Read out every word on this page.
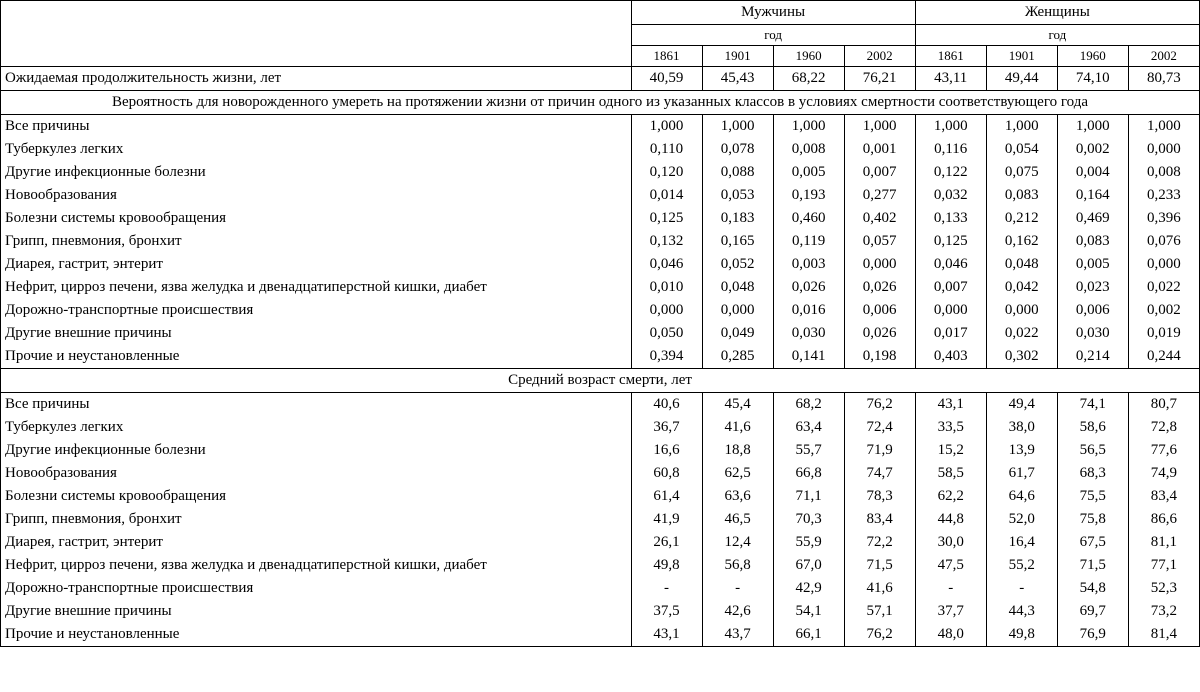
	Мужчины				Женщины			
	год				год			
	1861	1901	1960	2002	1861	1901	1960	2002
Ожидаемая продолжительность жизни, лет	40,59	45,43	68,22	76,21	43,11	49,44	74,10	80,73
Вероятность для новорожденного умереть на протяжении жизни от причин одного из указанных классов в условиях смертности соответствующего года								
Все причины	1,000	1,000	1,000	1,000	1,000	1,000	1,000	1,000
Туберкулез легких	0,110	0,078	0,008	0,001	0,116	0,054	0,002	0,000
Другие инфекционные болезни	0,120	0,088	0,005	0,007	0,122	0,075	0,004	0,008
Новообразования	0,014	0,053	0,193	0,277	0,032	0,083	0,164	0,233
Болезни системы кровообращения	0,125	0,183	0,460	0,402	0,133	0,212	0,469	0,396
Грипп, пневмония, бронхит	0,132	0,165	0,119	0,057	0,125	0,162	0,083	0,076
Диарея, гастрит, энтерит	0,046	0,052	0,003	0,000	0,046	0,048	0,005	0,000
Нефрит, цирроз печени, язва желудка и двенадцатиперстной кишки, диабет	0,010	0,048	0,026	0,026	0,007	0,042	0,023	0,022
Дорожно-транспортные происшествия	0,000	0,000	0,016	0,006	0,000	0,000	0,006	0,002
Другие внешние причины	0,050	0,049	0,030	0,026	0,017	0,022	0,030	0,019
Прочие и неустановленные	0,394	0,285	0,141	0,198	0,403	0,302	0,214	0,244
Средний возраст смерти, лет								
Все причины	40,6	45,4	68,2	76,2	43,1	49,4	74,1	80,7
Туберкулез легких	36,7	41,6	63,4	72,4	33,5	38,0	58,6	72,8
Другие инфекционные болезни	16,6	18,8	55,7	71,9	15,2	13,9	56,5	77,6
Новообразования	60,8	62,5	66,8	74,7	58,5	61,7	68,3	74,9
Болезни системы кровообращения	61,4	63,6	71,1	78,3	62,2	64,6	75,5	83,4
Грипп, пневмония, бронхит	41,9	46,5	70,3	83,4	44,8	52,0	75,8	86,6
Диарея, гастрит, энтерит	26,1	12,4	55,9	72,2	30,0	16,4	67,5	81,1
Нефрит, цирроз печени, язва желудка и двенадцатиперстной кишки, диабет	49,8	56,8	67,0	71,5	47,5	55,2	71,5	77,1
Дорожно-транспортные происшествия	-	-	42,9	41,6	-	-	54,8	52,3
Другие внешние причины	37,5	42,6	54,1	57,1	37,7	44,3	69,7	73,2
Прочие и неустановленные	43,1	43,7	66,1	76,2	48,0	49,8	76,9	81,4
